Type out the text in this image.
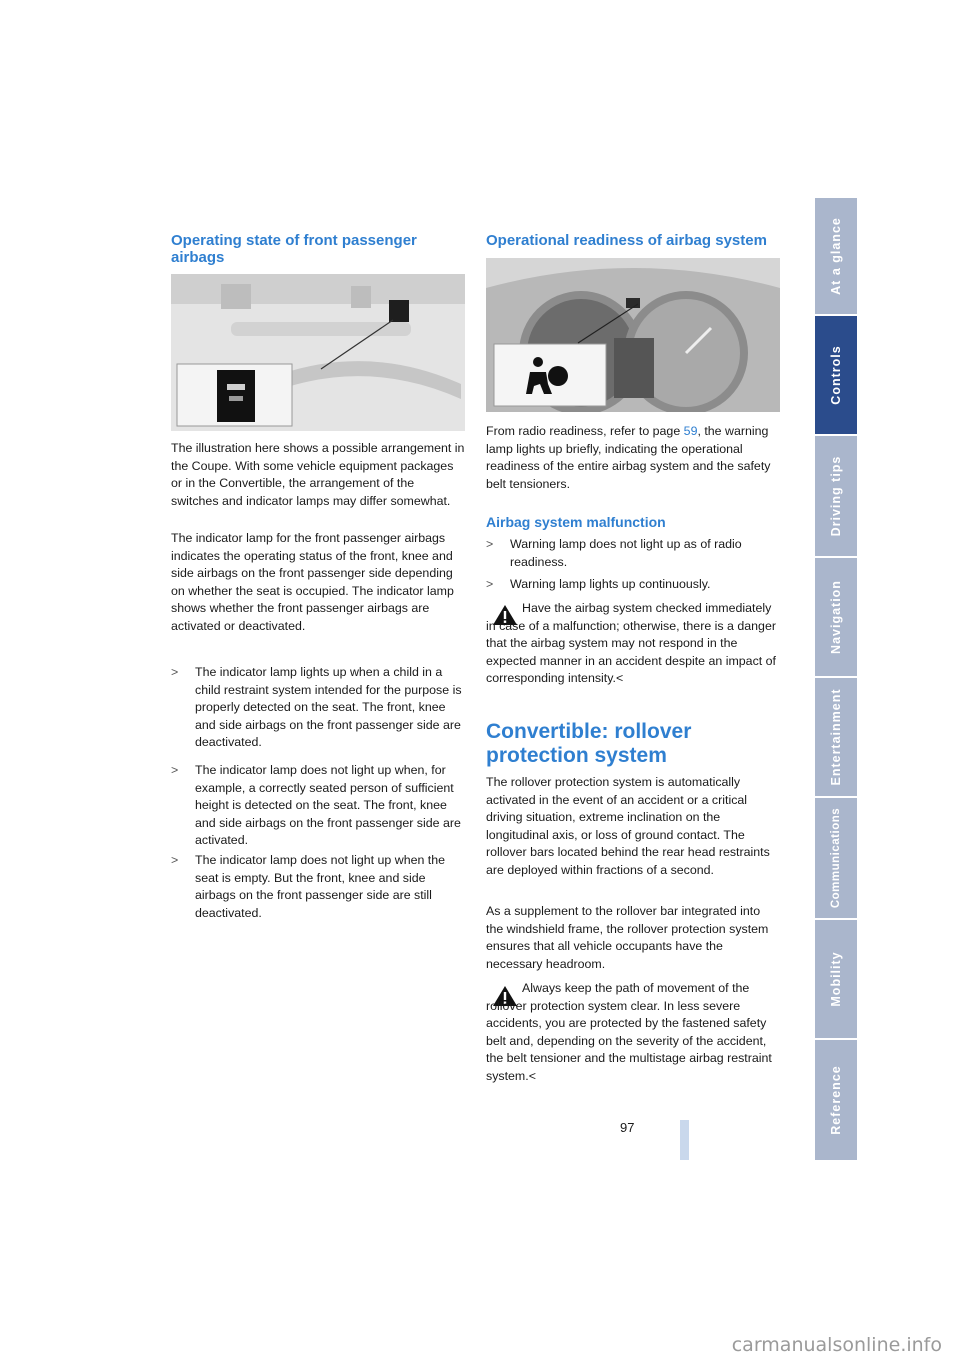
Operating state of front passenger airbags

The illustration here shows a possible arrangement in the Coupe. With some vehicle equipment packages or in the Convertible, the arrangement of the switches and indicator lamps may differ somewhat.

The indicator lamp for the front passenger airbags indicates the operating status of the front, knee and side airbags on the front passenger side depending on whether the seat is occupied. The indicator lamp shows whether the front passenger airbags are activated or deactivated.

> The indicator lamp lights up when a child in a child restraint system intended for the purpose is properly detected on the seat. The front, knee and side airbags on the front passenger side are deactivated.
> The indicator lamp does not light up when, for example, a correctly seated person of sufficient height is detected on the seat. The front, knee and side airbags on the front passenger side are activated.
> The indicator lamp does not light up when the seat is empty. But the front, knee and side airbags on the front passenger side are still deactivated.
Operational readiness of airbag system

From radio readiness, refer to page 59, the warning lamp lights up briefly, indicating the operational readiness of the entire airbag system and the safety belt tensioners.

Airbag system malfunction
> Warning lamp does not light up as of radio readiness.
> Warning lamp lights up continuously.

Have the airbag system checked immediately in case of a malfunction; otherwise, there is a danger that the airbag system may not respond in the expected manner in an accident despite an impact of corresponding intensity.<

Convertible: rollover
protection system

The rollover protection system is automatically activated in the event of an accident or a critical driving situation, extreme inclination on the longitudinal axis, or loss of ground contact. The rollover bars located behind the rear head restraints are deployed within fractions of a second.

As a supplement to the rollover bar integrated into the windshield frame, the rollover protection system ensures that all vehicle occupants have the necessary headroom.

Always keep the path of movement of the rollover protection system clear. In less severe accidents, you are protected by the fastened safety belt and, depending on the severity of the accident, the belt tensioner and the multistage airbag restraint system.<

At a glance
Controls
Driving tips
Navigation
Entertainment
Communications
Mobility
Reference
97
carmanualsonline.info
